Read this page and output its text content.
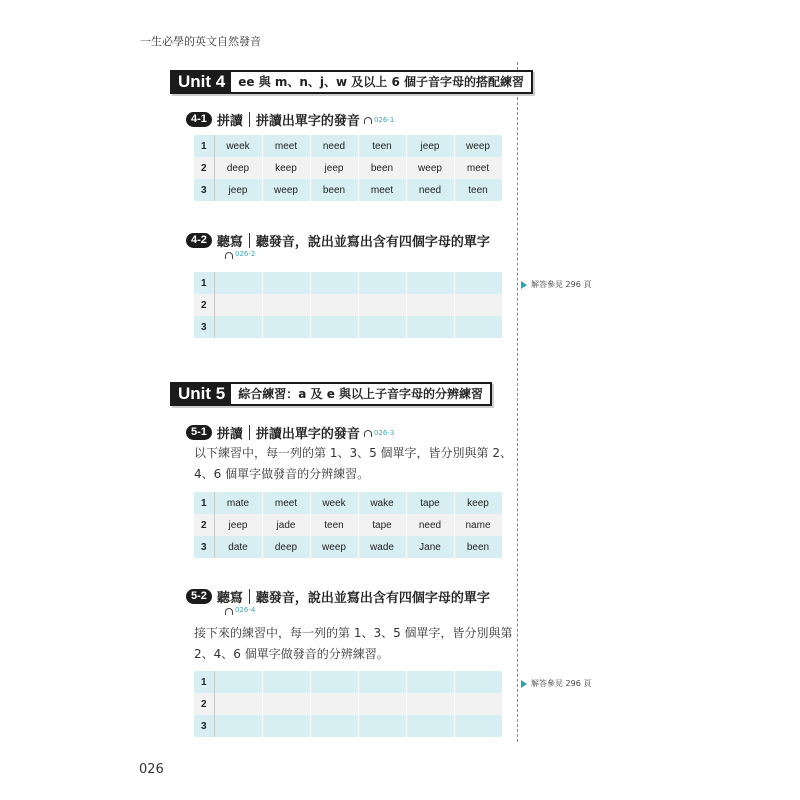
一生必學的英文自然發音
Unit 4	ee 與 m、n、j、w 及以上 6 個子音字母的搭配練習
4-1 拼讀 拼讀出單字的發音 026-1
1	week	meet	need	teen	jeep	weep
2	deep	keep	jeep	been	weep	meet
3	jeep	weep	been	meet	need	teen
4-2 聽寫 聽發音，說出並寫出含有四個字母的單字
026-2
1						
2						
3						
解答參見 296 頁
Unit 5	綜合練習：a 及 e 與以上子音字母的分辨練習
5-1 拼讀 拼讀出單字的發音 026-3
以下練習中，每一列的第 1、3、5 個單字，皆分別與第 2、
4、6 個單字做發音的分辨練習。
1	mate	meet	week	wake	tape	keep
2	jeep	jade	teen	tape	need	name
3	date	deep	weep	wade	Jane	been
5-2 聽寫 聽發音，說出並寫出含有四個字母的單字
026-4
接下來的練習中，每一列的第 1、3、5 個單字，皆分別與第
2、4、6 個單字做發音的分辨練習。
1						
2						
3						
解答參見 296 頁
026
